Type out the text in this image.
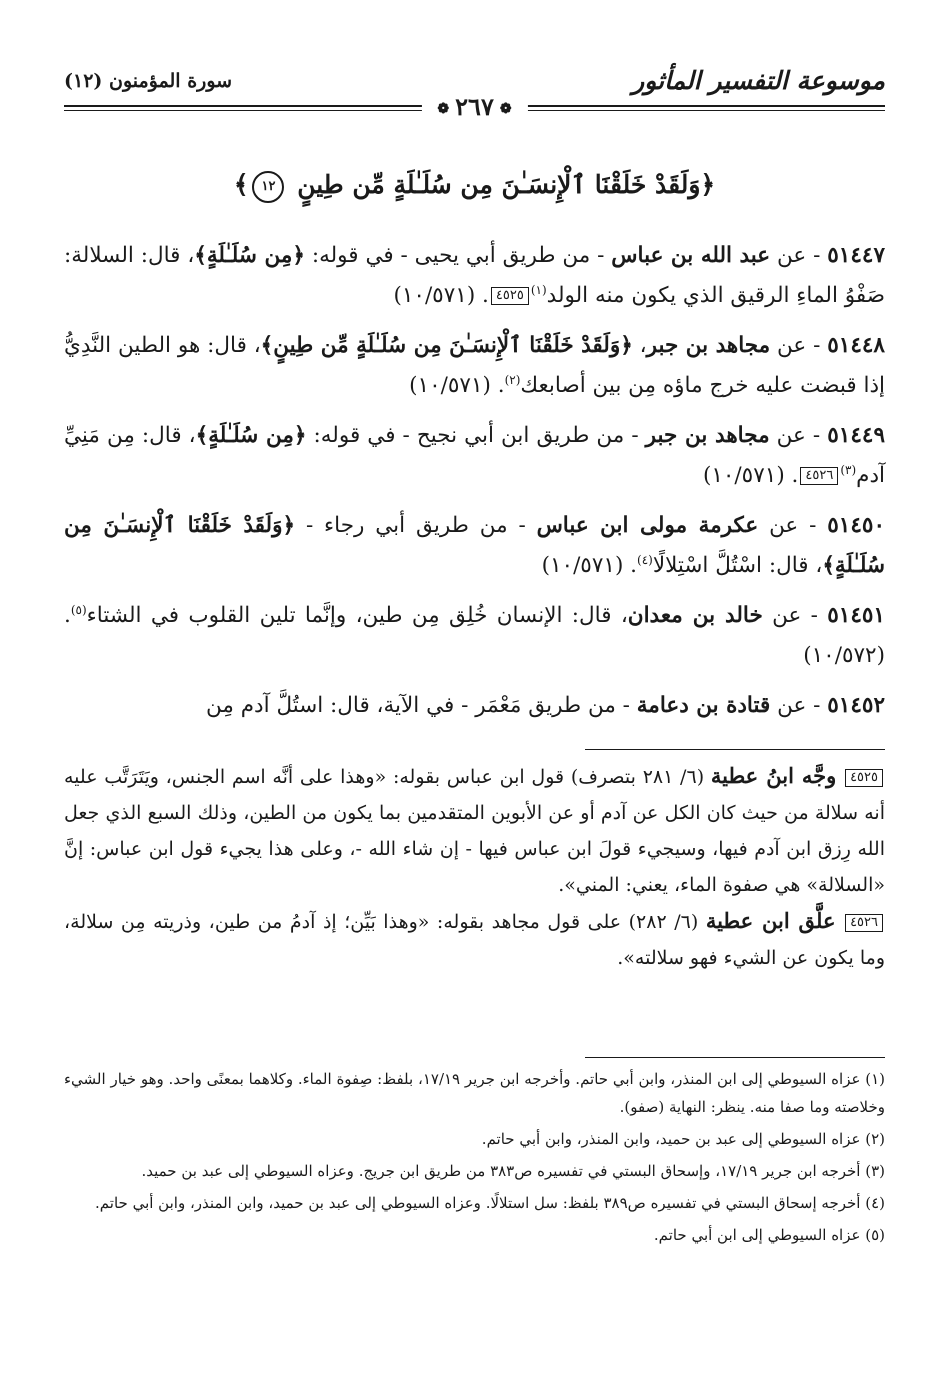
موسوعة التفسير المأثور
❁٢٦٧❁
سورة المؤمنون (١٢)
﴿وَلَقَدْ خَلَقْنَا ٱلْإِنسَـٰنَ مِن سُلَـٰلَةٍ مِّن طِينٍ ١٢﴾

٥١٤٤٧ - عن عبد الله بن عباس - من طريق أبي يحيى - في قوله: ﴿مِن سُلَـٰلَةٍ﴾، قال: السلالة: صَفْوُ الماءِ الرقيق الذي يكون منه الولد$^{(١)}$٤٥٢٥. (١٠/٥٧١)

٥١٤٤٨ - عن مجاهد بن جبر، ﴿وَلَقَدْ خَلَقْنَا ٱلْإِنسَـٰنَ مِن سُلَـٰلَةٍ مِّن طِينٍ﴾، قال: هو الطين النَّدِيُّ إذا قبضت عليه خرج ماؤه مِن بين أصابعك$^{(٢)}$. (١٠/٥٧١)

٥١٤٤٩ - عن مجاهد بن جبر - من طريق ابن أبي نجيح - في قوله: ﴿مِن سُلَـٰلَةٍ﴾، قال: مِن مَنِيِّ آدم$^{(٣)}$٤٥٢٦. (١٠/٥٧١)

٥١٤٥٠ - عن عكرمة مولى ابن عباس - من طريق أبي رجاء - ﴿وَلَقَدْ خَلَقْنَا ٱلْإِنسَـٰنَ مِن سُلَـٰلَةٍ﴾، قال: اسْتُلَّ اسْتِلالًا$^{(٤)}$. (١٠/٥٧١)

٥١٤٥١ - عن خالد بن معدان، قال: الإنسان خُلِق مِن طين، وإنَّما تلين القلوب في الشتاء$^{(٥)}$. (١٠/٥٧٢)

٥١٤٥٢ - عن قتادة بن دعامة - من طريق مَعْمَر - في الآية، قال: استُلَّ آدم مِن

٤٥٢٥ وجَّه ابنُ عطية (٦/ ٢٨١ بتصرف) قول ابن عباس بقوله: «وهذا على أنَّه اسم الجنس، ويَتَرَتَّب عليه أنه سلالة من حيث كان الكل عن آدم أو عن الأبوين المتقدمين بما يكون من الطين، وذلك السبع الذي جعل الله رِزق ابن آدم فيها، وسيجيء قولَ ابن عباس فيها - إن شاء الله -، وعلى هذا يجيء قول ابن عباس: إنَّ «السلالة» هي صفوة الماء، يعني: المني».

٤٥٢٦ علَّق ابن عطية (٦/ ٢٨٢) على قول مجاهد بقوله: «وهذا بَيِّن؛ إذ آدمُ من طين، وذريته مِن سلالة، وما يكون عن الشيء فهو سلالته».

(١) عزاه السيوطي إلى ابن المنذر، وابن أبي حاتم. وأخرجه ابن جرير ١٧/١٩، بلفظ: صِفوة الماء. وكلاهما بمعنًى واحد. وهو خيار الشيء وخلاصته وما صفا منه. ينظر: النهاية (صفو).

(٢) عزاه السيوطي إلى عبد بن حميد، وابن المنذر، وابن أبي حاتم.

(٣) أخرجه ابن جرير ١٧/١٩، وإسحاق البستي في تفسيره ص٣٨٣ من طريق ابن جريج. وعزاه السيوطي إلى عبد بن حميد.

(٤) أخرجه إسحاق البستي في تفسيره ص٣٨٩ بلفظ: سل استلالًا. وعزاه السيوطي إلى عبد بن حميد، وابن المنذر، وابن أبي حاتم.

(٥) عزاه السيوطي إلى ابن أبي حاتم.
